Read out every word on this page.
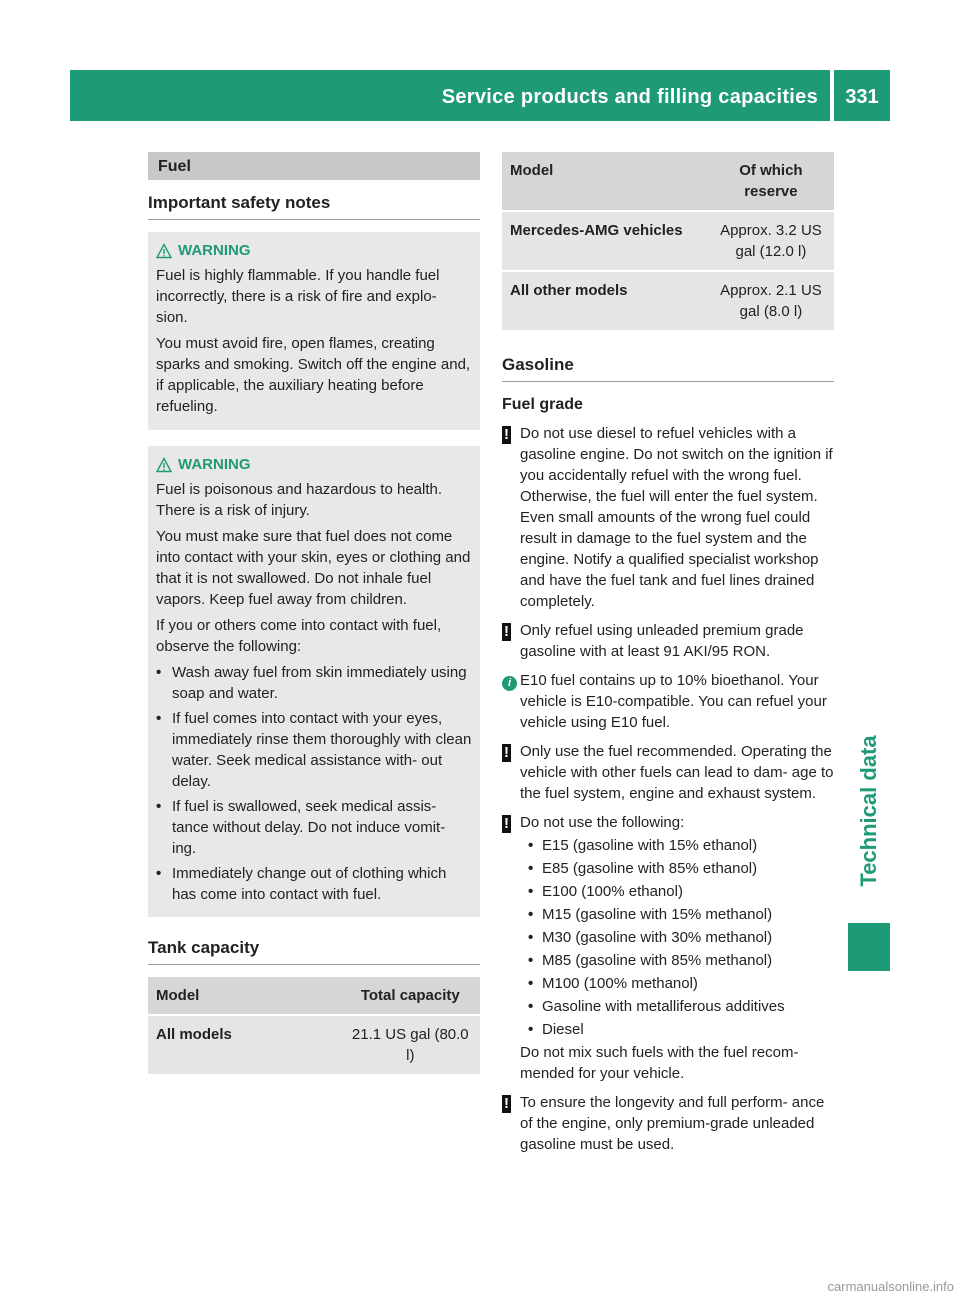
Service products and filling capacities	331
Technical data
Fuel
Important safety notes
WARNING

Fuel is highly flammable. If you handle fuel incorrectly, there is a risk of fire and explo- sion.

You must avoid fire, open flames, creating sparks and smoking. Switch off the engine and, if applicable, the auxiliary heating before refueling.

WARNING

Fuel is poisonous and hazardous to health. There is a risk of injury.

You must make sure that fuel does not come into contact with your skin, eyes or clothing and that it is not swallowed. Do not inhale fuel vapors. Keep fuel away from children.

If you or others come into contact with fuel, observe the following:

• Wash away fuel from skin immediately using soap and water.
• If fuel comes into contact with your eyes, immediately rinse them thoroughly with clean water. Seek medical assistance with- out delay.
• If fuel is swallowed, seek medical assis- tance without delay. Do not induce vomit- ing.
• Immediately change out of clothing which has come into contact with fuel.
Tank capacity
Model	Total capacity
All models	21.1 US gal (80.0 l)
Model	Of which reserve
Mercedes-AMG vehicles	Approx. 3.2 US gal (12.0 l)
All other models	Approx. 2.1 US gal (8.0 l)
Gasoline
Fuel grade
! Do not use diesel to refuel vehicles with a gasoline engine. Do not switch on the ignition if you accidentally refuel with the wrong fuel. Otherwise, the fuel will enter the fuel system. Even small amounts of the wrong fuel could result in damage to the fuel system and the engine. Notify a qualified specialist workshop and have the fuel tank and fuel lines drained completely.
! Only refuel using unleaded premium grade gasoline with at least 91 AKI/95 RON.
i E10 fuel contains up to 10% bioethanol. Your vehicle is E10-compatible. You can refuel your vehicle using E10 fuel.
! Only use the fuel recommended. Operating the vehicle with other fuels can lead to dam- age to the fuel system, engine and exhaust system.
! Do not use the following:
• E15 (gasoline with 15% ethanol)
• E85 (gasoline with 85% ethanol)
• E100 (100% ethanol)
• M15 (gasoline with 15% methanol)
• M30 (gasoline with 30% methanol)
• M85 (gasoline with 85% methanol)
• M100 (100% methanol)
• Gasoline with metalliferous additives
• Diesel
Do not mix such fuels with the fuel recom- mended for your vehicle.
! To ensure the longevity and full perform- ance of the engine, only premium-grade unleaded gasoline must be used.
carmanualsonline.info
